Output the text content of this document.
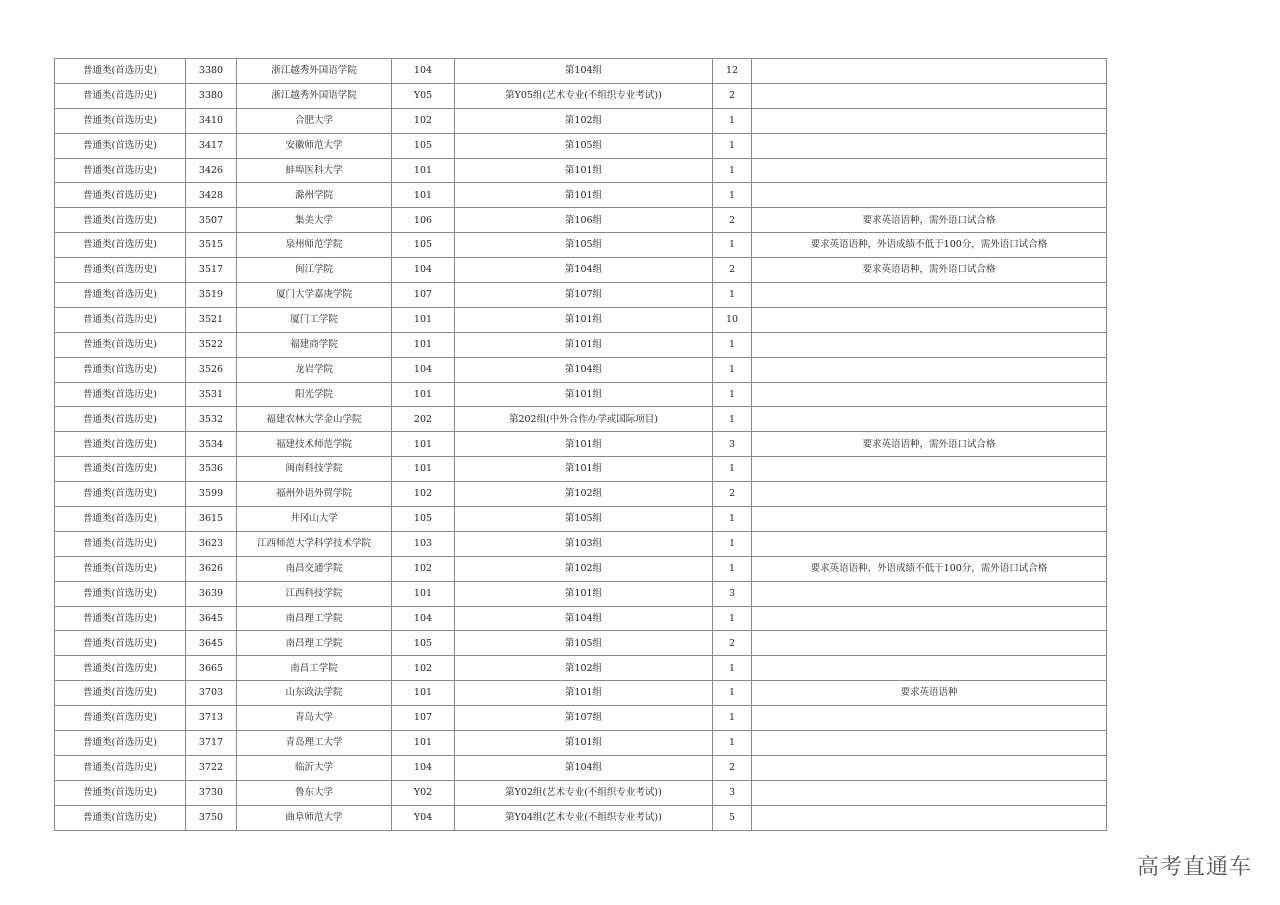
普通类(首选历史)	3380	浙江越秀外国语学院	104	第104组	12	
普通类(首选历史)	3380	浙江越秀外国语学院	Y05	第Y05组(艺术专业(不组织专业考试))	2	
普通类(首选历史)	3410	合肥大学	102	第102组	1	
普通类(首选历史)	3417	安徽师范大学	105	第105组	1	
普通类(首选历史)	3426	蚌埠医科大学	101	第101组	1	
普通类(首选历史)	3428	滁州学院	101	第101组	1	
普通类(首选历史)	3507	集美大学	106	第106组	2	要求英语语种，需外语口试合格
普通类(首选历史)	3515	泉州师范学院	105	第105组	1	要求英语语种，外语成绩不低于100分，需外语口试合格
普通类(首选历史)	3517	闽江学院	104	第104组	2	要求英语语种，需外语口试合格
普通类(首选历史)	3519	厦门大学嘉庚学院	107	第107组	1	
普通类(首选历史)	3521	厦门工学院	101	第101组	10	
普通类(首选历史)	3522	福建商学院	101	第101组	1	
普通类(首选历史)	3526	龙岩学院	104	第104组	1	
普通类(首选历史)	3531	阳光学院	101	第101组	1	
普通类(首选历史)	3532	福建农林大学金山学院	202	第202组(中外合作办学或国际项目)	1	
普通类(首选历史)	3534	福建技术师范学院	101	第101组	3	要求英语语种，需外语口试合格
普通类(首选历史)	3536	闽南科技学院	101	第101组	1	
普通类(首选历史)	3599	福州外语外贸学院	102	第102组	2	
普通类(首选历史)	3615	井冈山大学	105	第105组	1	
普通类(首选历史)	3623	江西师范大学科学技术学院	103	第103组	1	
普通类(首选历史)	3626	南昌交通学院	102	第102组	1	要求英语语种，外语成绩不低于100分，需外语口试合格
普通类(首选历史)	3639	江西科技学院	101	第101组	3	
普通类(首选历史)	3645	南昌理工学院	104	第104组	1	
普通类(首选历史)	3645	南昌理工学院	105	第105组	2	
普通类(首选历史)	3665	南昌工学院	102	第102组	1	
普通类(首选历史)	3703	山东政法学院	101	第101组	1	要求英语语种
普通类(首选历史)	3713	青岛大学	107	第107组	1	
普通类(首选历史)	3717	青岛理工大学	101	第101组	1	
普通类(首选历史)	3722	临沂大学	104	第104组	2	
普通类(首选历史)	3730	鲁东大学	Y02	第Y02组(艺术专业(不组织专业考试))	3	
普通类(首选历史)	3750	曲阜师范大学	Y04	第Y04组(艺术专业(不组织专业考试))	5	
高考直通车
